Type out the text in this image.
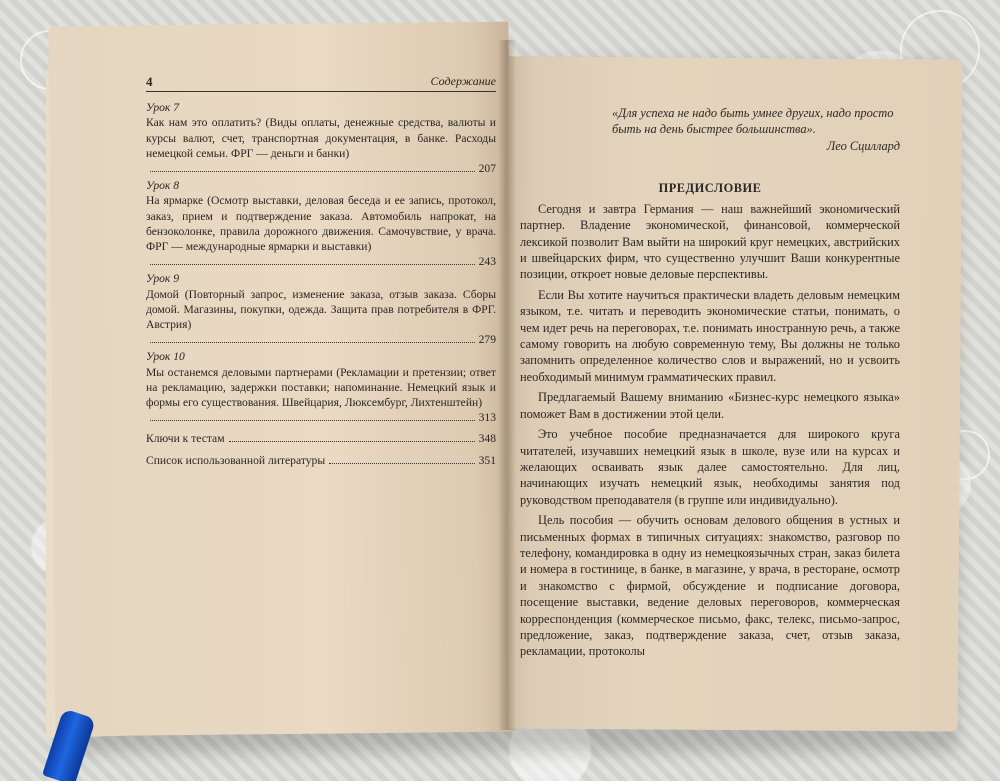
4	Содержание
Урок 7
Как нам это оплатить? (Виды оплаты, денежные средства, валюты и курсы валют, счет, транспортная документация, в банке. Расходы немецкой семьи. ФРГ — деньги и банки)
207
Урок 8
На ярмарке (Осмотр выставки, деловая беседа и ее запись, протокол, заказ, прием и подтверждение заказа. Автомобиль напрокат, на бензоколонке, правила дорожного движения. Самочувствие, у врача. ФРГ — международные ярмарки и выставки)
243
Урок 9
Домой (Повторный запрос, изменение заказа, отзыв заказа. Сборы домой. Магазины, покупки, одежда. Защита прав потребителя в ФРГ. Австрия)
279
Урок 10
Мы останемся деловыми партнерами (Рекламации и претензии; ответ на рекламацию, задержки поставки; напоминание. Немецкий язык и формы его существования. Швейцария, Люксембург, Лихтенштейн)
313
Ключи к тестам	348
Список использованной литературы	351
«Для успеха не надо быть умнее других, надо просто быть на день быстрее большинства».
Лео Сциллард
ПРЕДИСЛОВИЕ

Сегодня и завтра Германия — наш важнейший экономический партнер. Владение экономической, финансовой, коммерческой лексикой позволит Вам выйти на широкий круг немецких, австрийских и швейцарских фирм, что существенно улучшит Ваши конкурентные позиции, откроет новые деловые перспективы.

Если Вы хотите научиться практически владеть деловым немецким языком, т.е. читать и переводить экономические статьи, понимать, о чем идет речь на переговорах, т.е. понимать иностранную речь, а также самому говорить на любую современную тему, Вы должны не только запомнить определенное количество слов и выражений, но и усвоить необходимый минимум грамматических правил.

Предлагаемый Вашему вниманию «Бизнес-курс немецкого языка» поможет Вам в достижении этой цели.

Это учебное пособие предназначается для широкого круга читателей, изучавших немецкий язык в школе, вузе или на курсах и желающих осваивать язык далее самостоятельно. Для лиц, начинающих изучать немецкий язык, необходимы занятия под руководством преподавателя (в группе или индивидуально).

Цель пособия — обучить основам делового общения в устных и письменных формах в типичных ситуациях: знакомство, разговор по телефону, командировка в одну из немецкоязычных стран, заказ билета и номера в гостинице, в банке, в магазине, у врача, в ресторане, осмотр и знакомство с фирмой, обсуждение и подписание договора, посещение выставки, ведение деловых переговоров, коммерческая корреспонденция (коммерческое письмо, факс, телекс, письмо-запрос, предложение, заказ, подтверждение заказа, счет, отзыв заказа, рекламации, протоколы
